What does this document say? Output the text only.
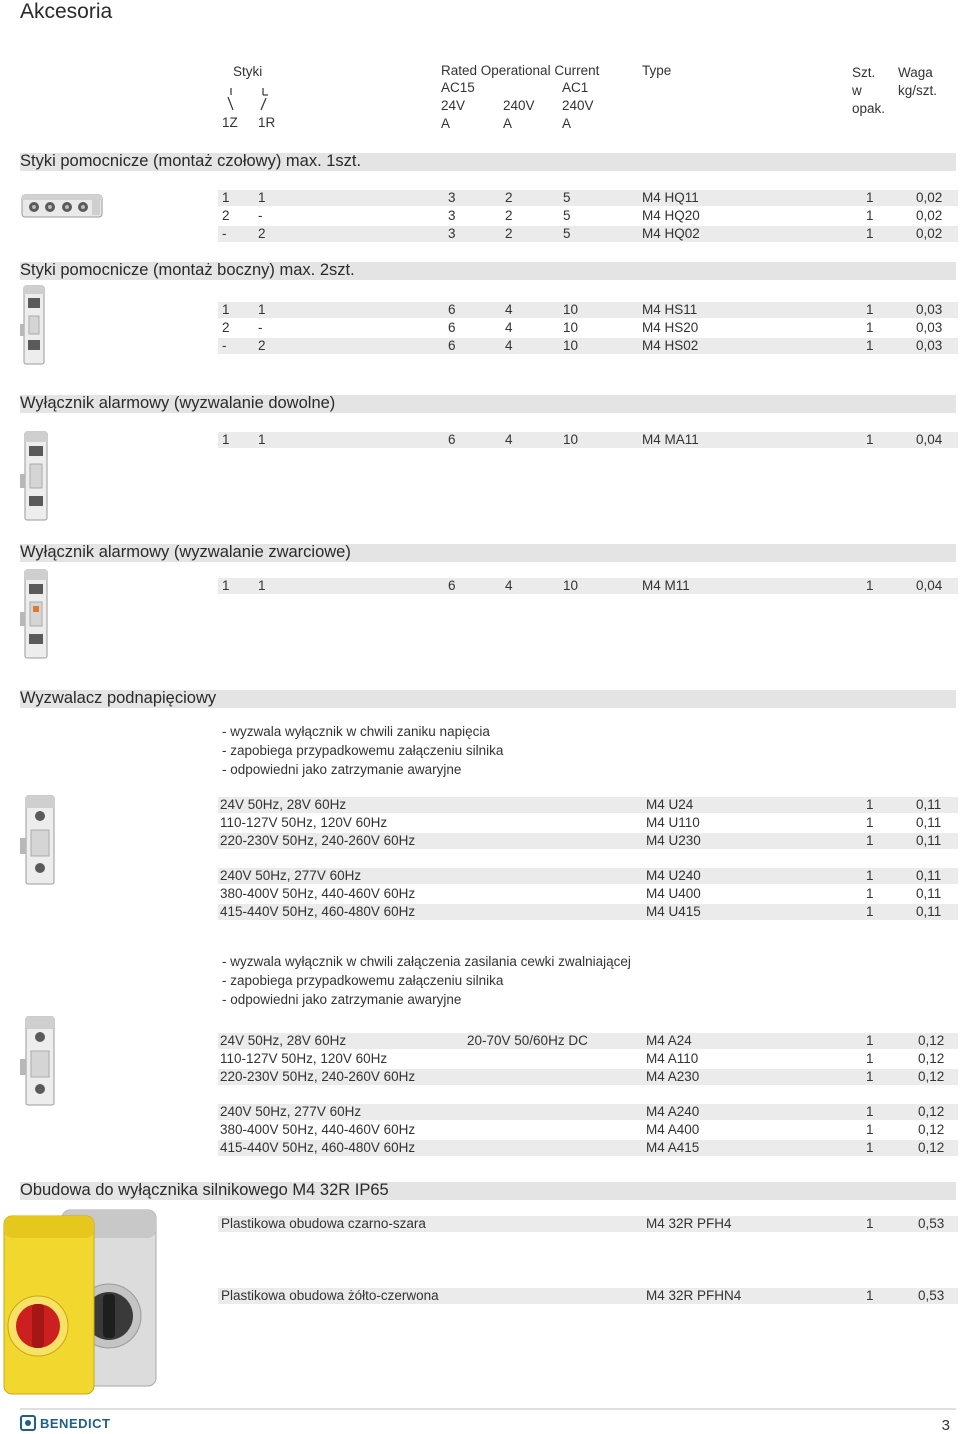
Akcesoria
Styki
1Z 1R
Rated Operational Current
AC15	AC1
24V	240V 240V
A	A	A
Type	Szt.
w
opak.
Waga
kg/szt.
Styki pomocnicze (montaż czołowy) max. 1szt.
1 1	3	2	5	M4 HQ11	1	0,02
2 -	3	2	5	M4 HQ20	1	0,02
- 2	3	2	5	M4 HQ02	1	0,02
Styki pomocnicze (montaż boczny) max. 2szt.
1 1	6	4	10	M4 HS11	1	0,03
2 -	6	4	10	M4 HS20	1	0,03
- 2	6	4	10	M4 HS02	1	0,03
Wyłącznik alarmowy (wyzwalanie dowolne)
1 1	6	4	10	M4 MA11	1	0,04
Wyłącznik alarmowy (wyzwalanie zwarciowe)
1 1	6	4	10	M4 M11	1	0,04
Wyzwalacz podnapięciowy
- wyzwala wyłącznik w chwili zaniku napięcia
- zapobiega przypadkowemu załączeniu silnika
- odpowiedni jako zatrzymanie awaryjne
24V 50Hz, 28V 60Hz	M4 U24	1	0,11
110-127V 50Hz, 120V 60Hz	M4 U110	1	0,11
220-230V 50Hz, 240-260V 60Hz	M4 U230	1	0,11
240V 50Hz, 277V 60Hz	M4 U240	1	0,11
380-400V 50Hz, 440-460V 60Hz	M4 U400	1	0,11
415-440V 50Hz, 460-480V 60Hz	M4 U415	1	0,11
- wyzwala wyłącznik w chwili załączenia zasilania cewki zwalniającej
- zapobiega przypadkowemu załączeniu silnika
- odpowiedni jako zatrzymanie awaryjne
24V 50Hz, 28V 60Hz	20-70V 50/60Hz DC	M4 A24	1	0,12
110-127V 50Hz, 120V 60Hz	M4 A110	1	0,12
220-230V 50Hz, 240-260V 60Hz	M4 A230	1	0,12
240V 50Hz, 277V 60Hz	M4 A240	1	0,12
380-400V 50Hz, 440-460V 60Hz	M4 A400	1	0,12
415-440V 50Hz, 460-480V 60Hz	M4 A415	1	0,12
Obudowa do wyłącznika silnikowego M4 32R IP65
Plastikowa obudowa czarno-szara	M4 32R PFH4	1	0,53
Plastikowa obudowa żółto-czerwona	M4 32R PFHN4	1	0,53
BENEDICT	3
